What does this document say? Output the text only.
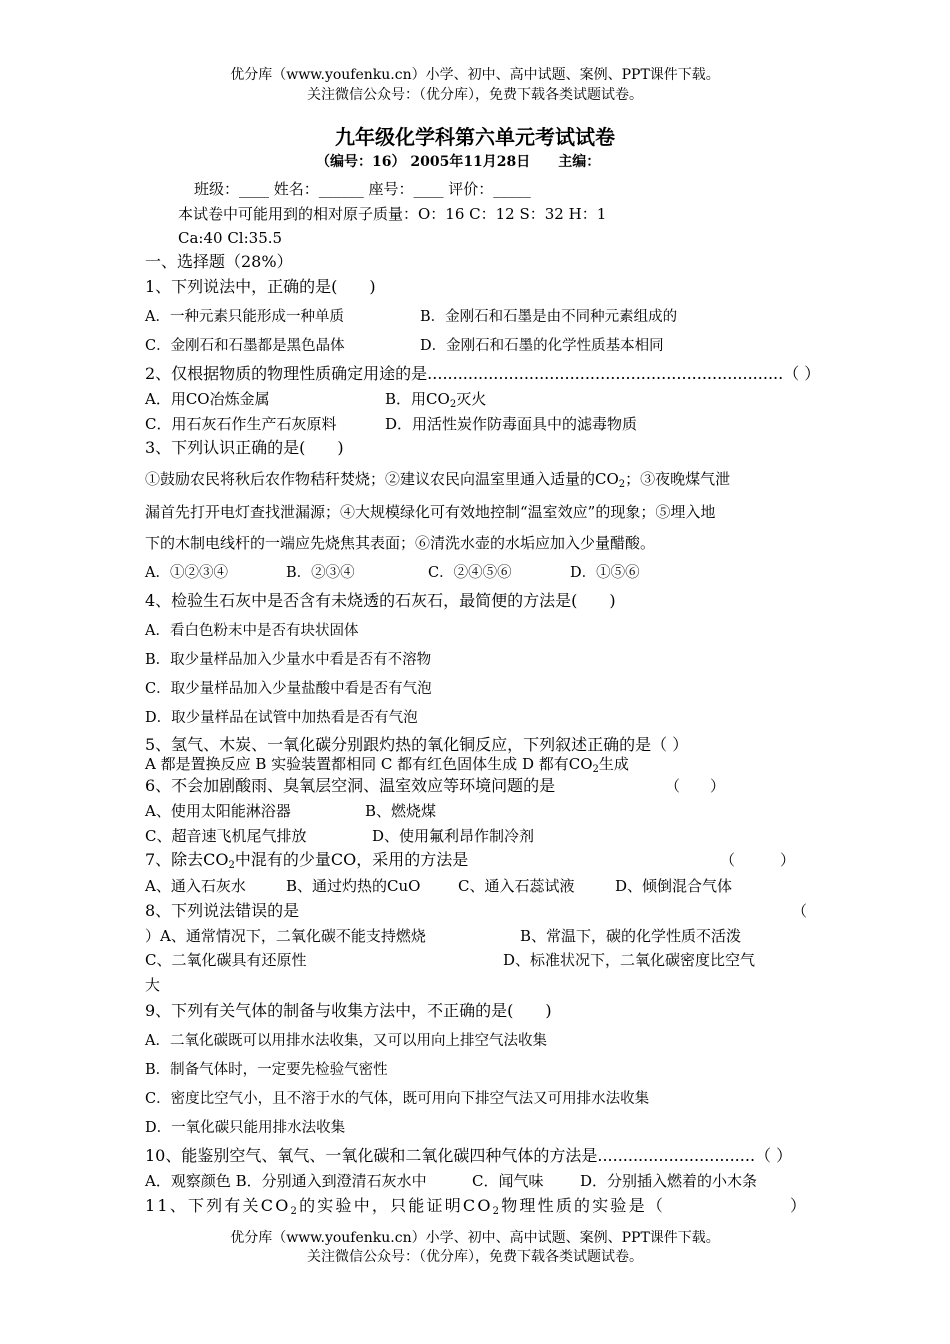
优分库（www.youfenku.cn）小学、初中、高中试题、案例、PPT课件下载。
关注微信公众号：（优分库），免费下载各类试题试卷。
九年级化学科第六单元考试试卷
（编号：16） 2005年11月28日　　主编：
班级：____ 姓名：______ 座号：____ 评价：_____
本试卷中可能用到的相对原子质量：O：16 C：12 S：32 H：1
Ca:40 Cl:35.5
一、选择题（28%）
1、下列说法中，正确的是(　　)
A．一种元素只能形成一种单质	B．金刚石和石墨是由不同种元素组成的
C．金刚石和石墨都是黑色晶体	D．金刚石和石墨的化学性质基本相同
2、仅根据物质的物理性质确定用途的是......................................................................（ ）
A．用CO冶炼金属	B．用$CO_2$灭火
C．用石灰石作生产石灰原料	D．用活性炭作防毒面具中的滤毒物质
3、下列认识正确的是(　　)
①鼓励农民将秋后农作物秸秆焚烧；②建议农民向温室里通入适量的$CO_2$；③夜晚煤气泄
漏首先打开电灯查找泄漏源；④大规模绿化可有效地控制“温室效应”的现象；⑤埋入地
下的木制电线杆的一端应先烧焦其表面；⑥清洗水壶的水垢应加入少量醋酸。
A．①②③④	B．②③④	C．②④⑤⑥	D．①⑤⑥
4、检验生石灰中是否含有未烧透的石灰石，最简便的方法是(　　)
A．看白色粉末中是否有块状固体
B．取少量样品加入少量水中看是否有不溶物
C．取少量样品加入少量盐酸中看是否有气泡
D．取少量样品在试管中加热看是否有气泡
5、氢气、木炭、一氧化碳分别跟灼热的氧化铜反应，下列叙述正确的是（ ）
A 都是置换反应 B 实验装置都相同 C 都有红色固体生成 D 都有$CO_2$生成
6、不会加剧酸雨、臭氧层空洞、温室效应等环境问题的是	（　　）
A、使用太阳能淋浴器	B、燃烧煤
C、超音速飞机尾气排放	D、使用氟利昂作制冷剂
7、除去$CO_2$中混有的少量CO，采用的方法是	（　　　）
A、通入石灰水	B、通过灼热的CuO	C、通入石蕊试液	D、倾倒混合气体
8、下列说法错误的是	（
）A、通常情况下，二氧化碳不能支持燃烧	B、常温下，碳的化学性质不活泼
C、二氧化碳具有还原性	D、标准状况下，二氧化碳密度比空气
大
9、下列有关气体的制备与收集方法中，不正确的是(　　)
A．二氧化碳既可以用排水法收集，又可以用向上排空气法收集
B．制备气体时，一定要先检验气密性
C．密度比空气小，且不溶于水的气体，既可用向下排空气法又可用排水法收集
D．一氧化碳只能用排水法收集
10、能鉴别空气、氧气、一氧化碳和二氧化碳四种气体的方法是...............................（ ）
A．观察颜色 B．分别通入到澄清石灰水中	C．闻气味 D．分别插入燃着的小木条
11、下列有关$CO_2$的实验中，只能证明$CO_2$物理性质的实验是（	）
优分库（www.youfenku.cn）小学、初中、高中试题、案例、PPT课件下载。
关注微信公众号：（优分库），免费下载各类试题试卷。
